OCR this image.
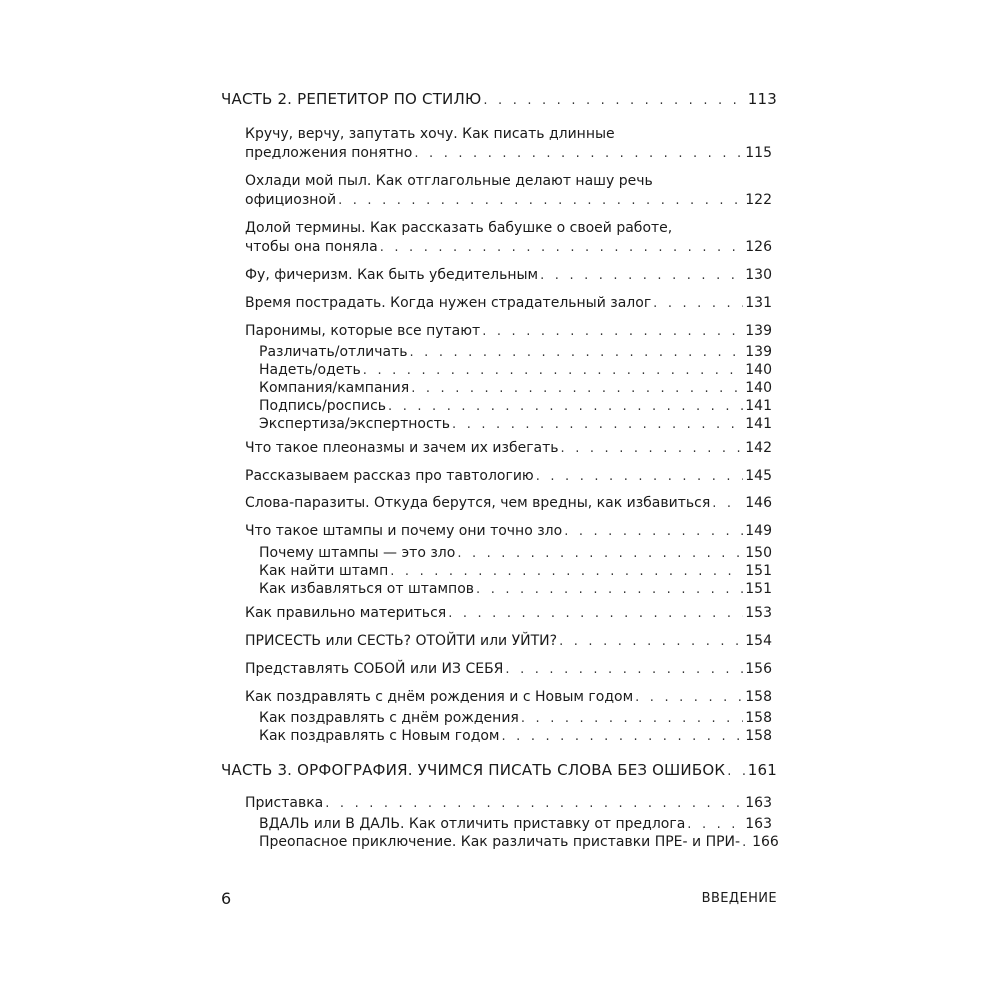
ЧАСТЬ 2. РЕПЕТИТОР ПО СТИЛЮ . . .	113
Кручу, верчу, запутать хочу. Как писать длинные
предложения понятно . . .	115
Охлади мой пыл. Как отглагольные делают нашу речь
официозной . . .	122
Долой термины. Как рассказать бабушке о своей работе,
чтобы она поняла . . .	126
Фу, фичеризм. Как быть убедительным . . .	130
Время пострадать. Когда нужен страдательный залог . . .	131
Паронимы, которые все путают . . .	139
Различать/отличать . . .	139
Надеть/одеть . . .	140
Компания/кампания . . .	140
Подпись/роспись . . .	141
Экспертиза/экспертность . . .	141
Что такое плеоназмы и зачем их избегать . . .	142
Рассказываем рассказ про тавтологию . . .	145
Слова-паразиты. Откуда берутся, чем вредны, как избавиться . . .	146
Что такое штампы и почему они точно зло . . .	149
Почему штампы — это зло . . .	150
Как найти штамп . . .	151
Как избавляться от штампов . . .	151
Как правильно материться . . .	153
ПРИСЕСТЬ или СЕСТЬ? ОТОЙТИ или УЙТИ? . . .	154
Представлять СОБОЙ или ИЗ СЕБЯ . . .	156
Как поздравлять с днём рождения и с Новым годом . . .	158
Как поздравлять с днём рождения . . .	158
Как поздравлять с Новым годом . . .	158
ЧАСТЬ 3. ОРФОГРАФИЯ. УЧИМСЯ ПИСАТЬ СЛОВА БЕЗ ОШИБОК . . . 161
Приставка . . .	163
ВДАЛЬ или В ДАЛЬ. Как отличить приставку от предлога . . .	163
Преопасное приключение. Как различать приставки ПРЕ- и ПРИ- . . . 166
6	ВВЕДЕНИЕ
